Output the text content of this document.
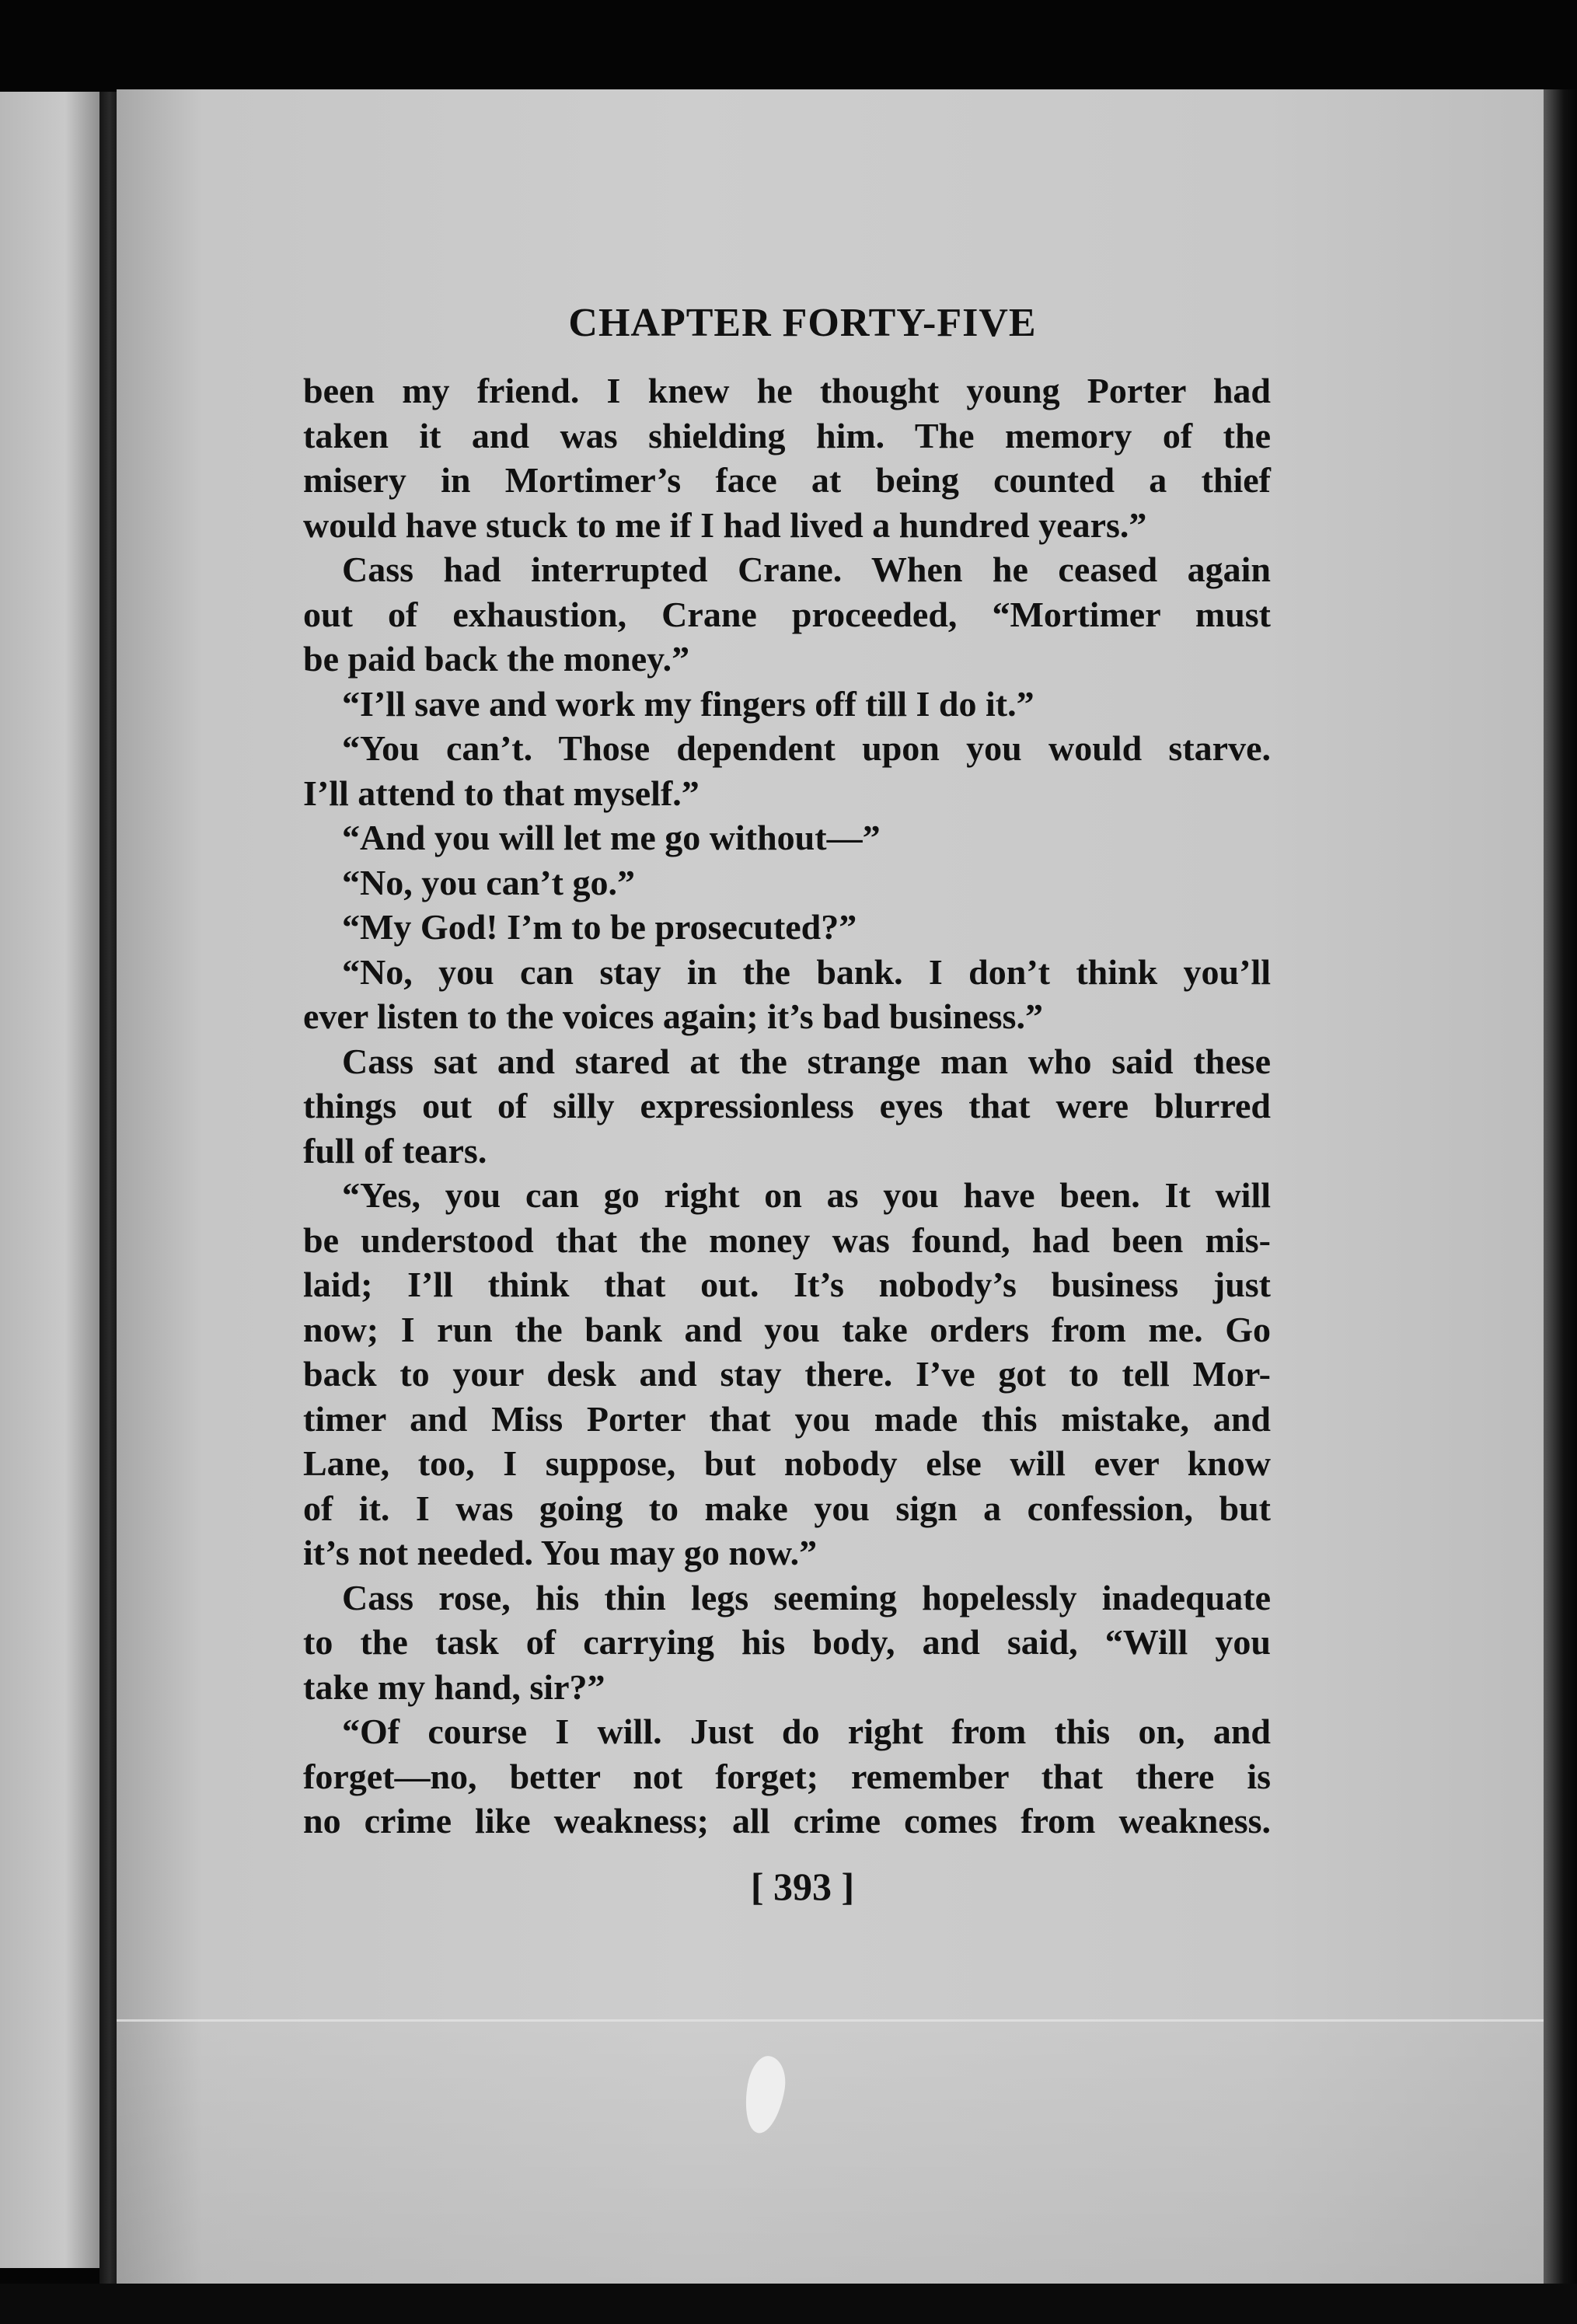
CHAPTER FORTY-FIVE
been my friend. I knew he thought young Porter had
taken it and was shielding him. The memory of the
misery in Mortimer’s face at being counted a thief
would have stuck to me if I had lived a hundred years.”
Cass had interrupted Crane. When he ceased again
out of exhaustion, Crane proceeded, “Mortimer must
be paid back the money.”
“I’ll save and work my fingers off till I do it.”
“You can’t. Those dependent upon you would starve.
I’ll attend to that myself.”
“And you will let me go without—”
“No, you can’t go.”
“My God! I’m to be prosecuted?”
“No, you can stay in the bank. I don’t think you’ll
ever listen to the voices again; it’s bad business.”
Cass sat and stared at the strange man who said these
things out of silly expressionless eyes that were blurred
full of tears.
“Yes, you can go right on as you have been. It will
be understood that the money was found, had been mis-
laid; I’ll think that out. It’s nobody’s business just
now; I run the bank and you take orders from me. Go
back to your desk and stay there. I’ve got to tell Mor-
timer and Miss Porter that you made this mistake, and
Lane, too, I suppose, but nobody else will ever know
of it. I was going to make you sign a confession, but
it’s not needed. You may go now.”
Cass rose, his thin legs seeming hopelessly inadequate
to the task of carrying his body, and said, “Will you
take my hand, sir?”
“Of course I will. Just do right from this on, and
forget—no, better not forget; remember that there is
no crime like weakness; all crime comes from weakness.
[ 393 ]
